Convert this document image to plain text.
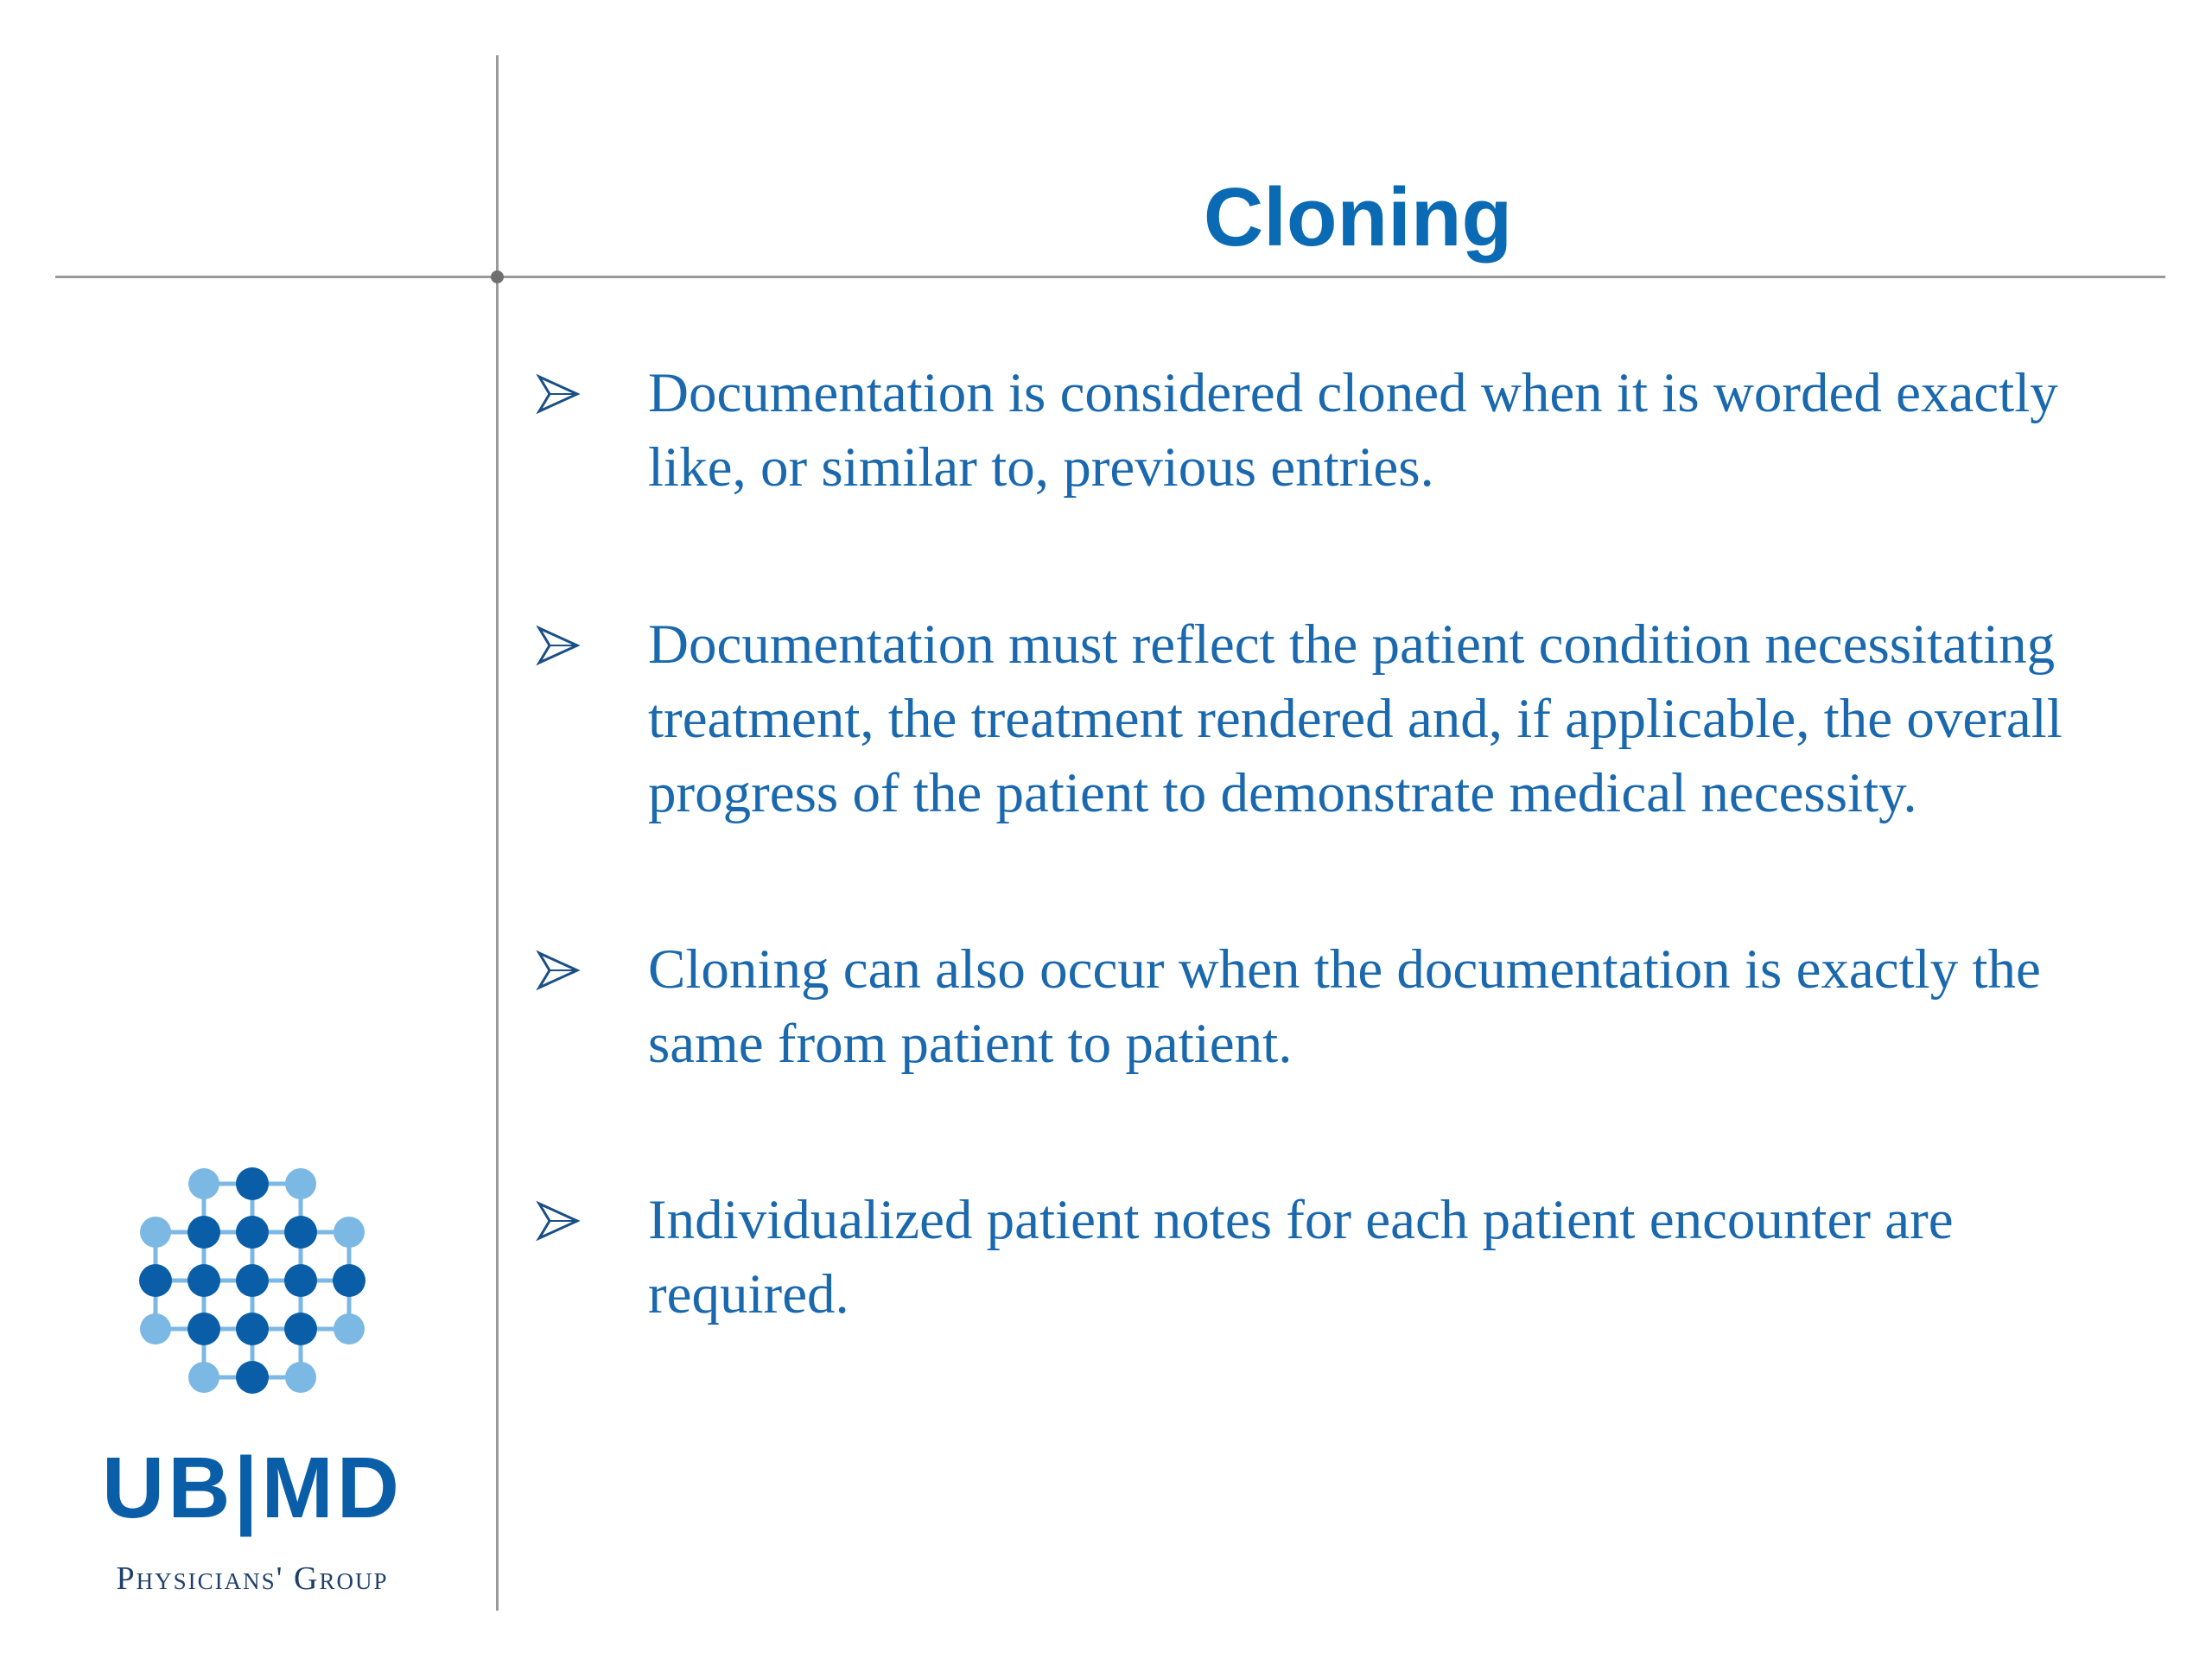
Cloning
Documentation is considered cloned when it is worded exactly like, or similar to, previous entries.
Documentation must reflect the patient condition necessitating treatment, the treatment rendered and, if applicable, the overall progress of the patient to demonstrate medical necessity.
Cloning can also occur when the documentation is exactly the same from patient to patient.
Individualized patient notes for each patient encounter are required.
UB|MD
Physicians' Group
